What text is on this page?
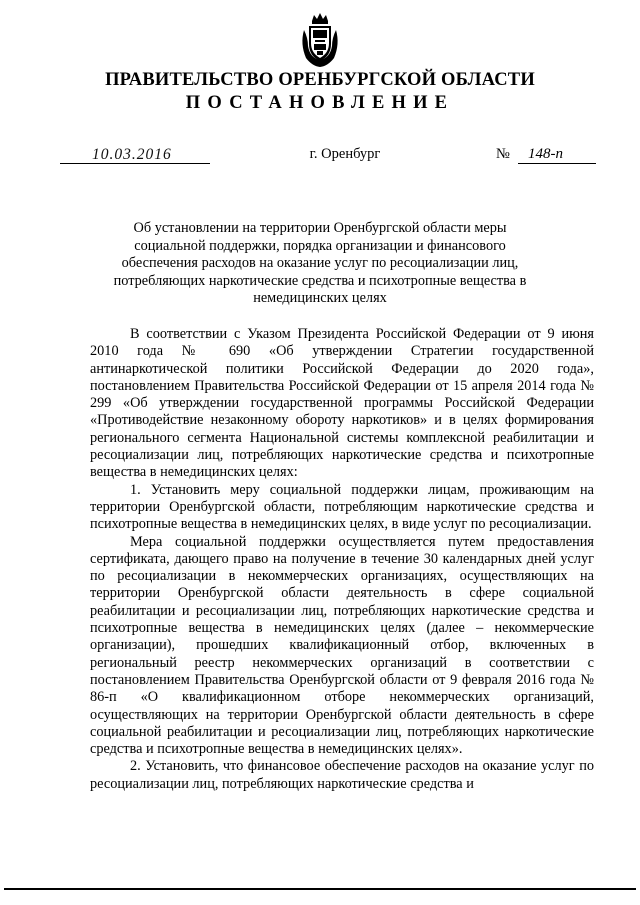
ПРАВИТЕЛЬСТВО ОРЕНБУРГСКОЙ ОБЛАСТИ
ПОСТАНОВЛЕНИЕ
10.03.2016	г. Оренбург	№ 148-п
Об установлении на территории Оренбургской области меры социальной поддержки, порядка организации и финансового обеспечения расходов на оказание услуг по ресоциализации лиц, потребляющих наркотические средства и психотропные вещества в немедицинских целях

В соответствии с Указом Президента Российской Федерации от 9 июня 2010 года № 690 «Об утверждении Стратегии государственной антинаркотической политики Российской Федерации до 2020 года», постановлением Правительства Российской Федерации от 15 апреля 2014 года № 299 «Об утверждении государственной программы Российской Федерации «Противодействие незаконному обороту наркотиков» и в целях формирования регионального сегмента Национальной системы комплексной реабилитации и ресоциализации лиц, потребляющих наркотические средства и психотропные вещества в немедицинских целях:

1. Установить меру социальной поддержки лицам, проживающим на территории Оренбургской области, потребляющим наркотические средства и психотропные вещества в немедицинских целях, в виде услуг по ресоциализации.

Мера социальной поддержки осуществляется путем предоставления сертификата, дающего право на получение в течение 30 календарных дней услуг по ресоциализации в некоммерческих организациях, осуществляющих на территории Оренбургской области деятельность в сфере социальной реабилитации и ресоциализации лиц, потребляющих наркотические средства и психотропные вещества в немедицинских целях (далее – некоммерческие организации), прошедших квалификационный отбор, включенных в региональный реестр некоммерческих организаций в соответствии с постановлением Правительства Оренбургской области от 9 февраля 2016 года № 86-п «О квалификационном отборе некоммерческих организаций, осуществляющих на территории Оренбургской области деятельность в сфере социальной реабилитации и ресоциализации лиц, потребляющих наркотические средства и психотропные вещества в немедицинских целях».

2. Установить, что финансовое обеспечение расходов на оказание услуг по ресоциализации лиц, потребляющих наркотические средства и
